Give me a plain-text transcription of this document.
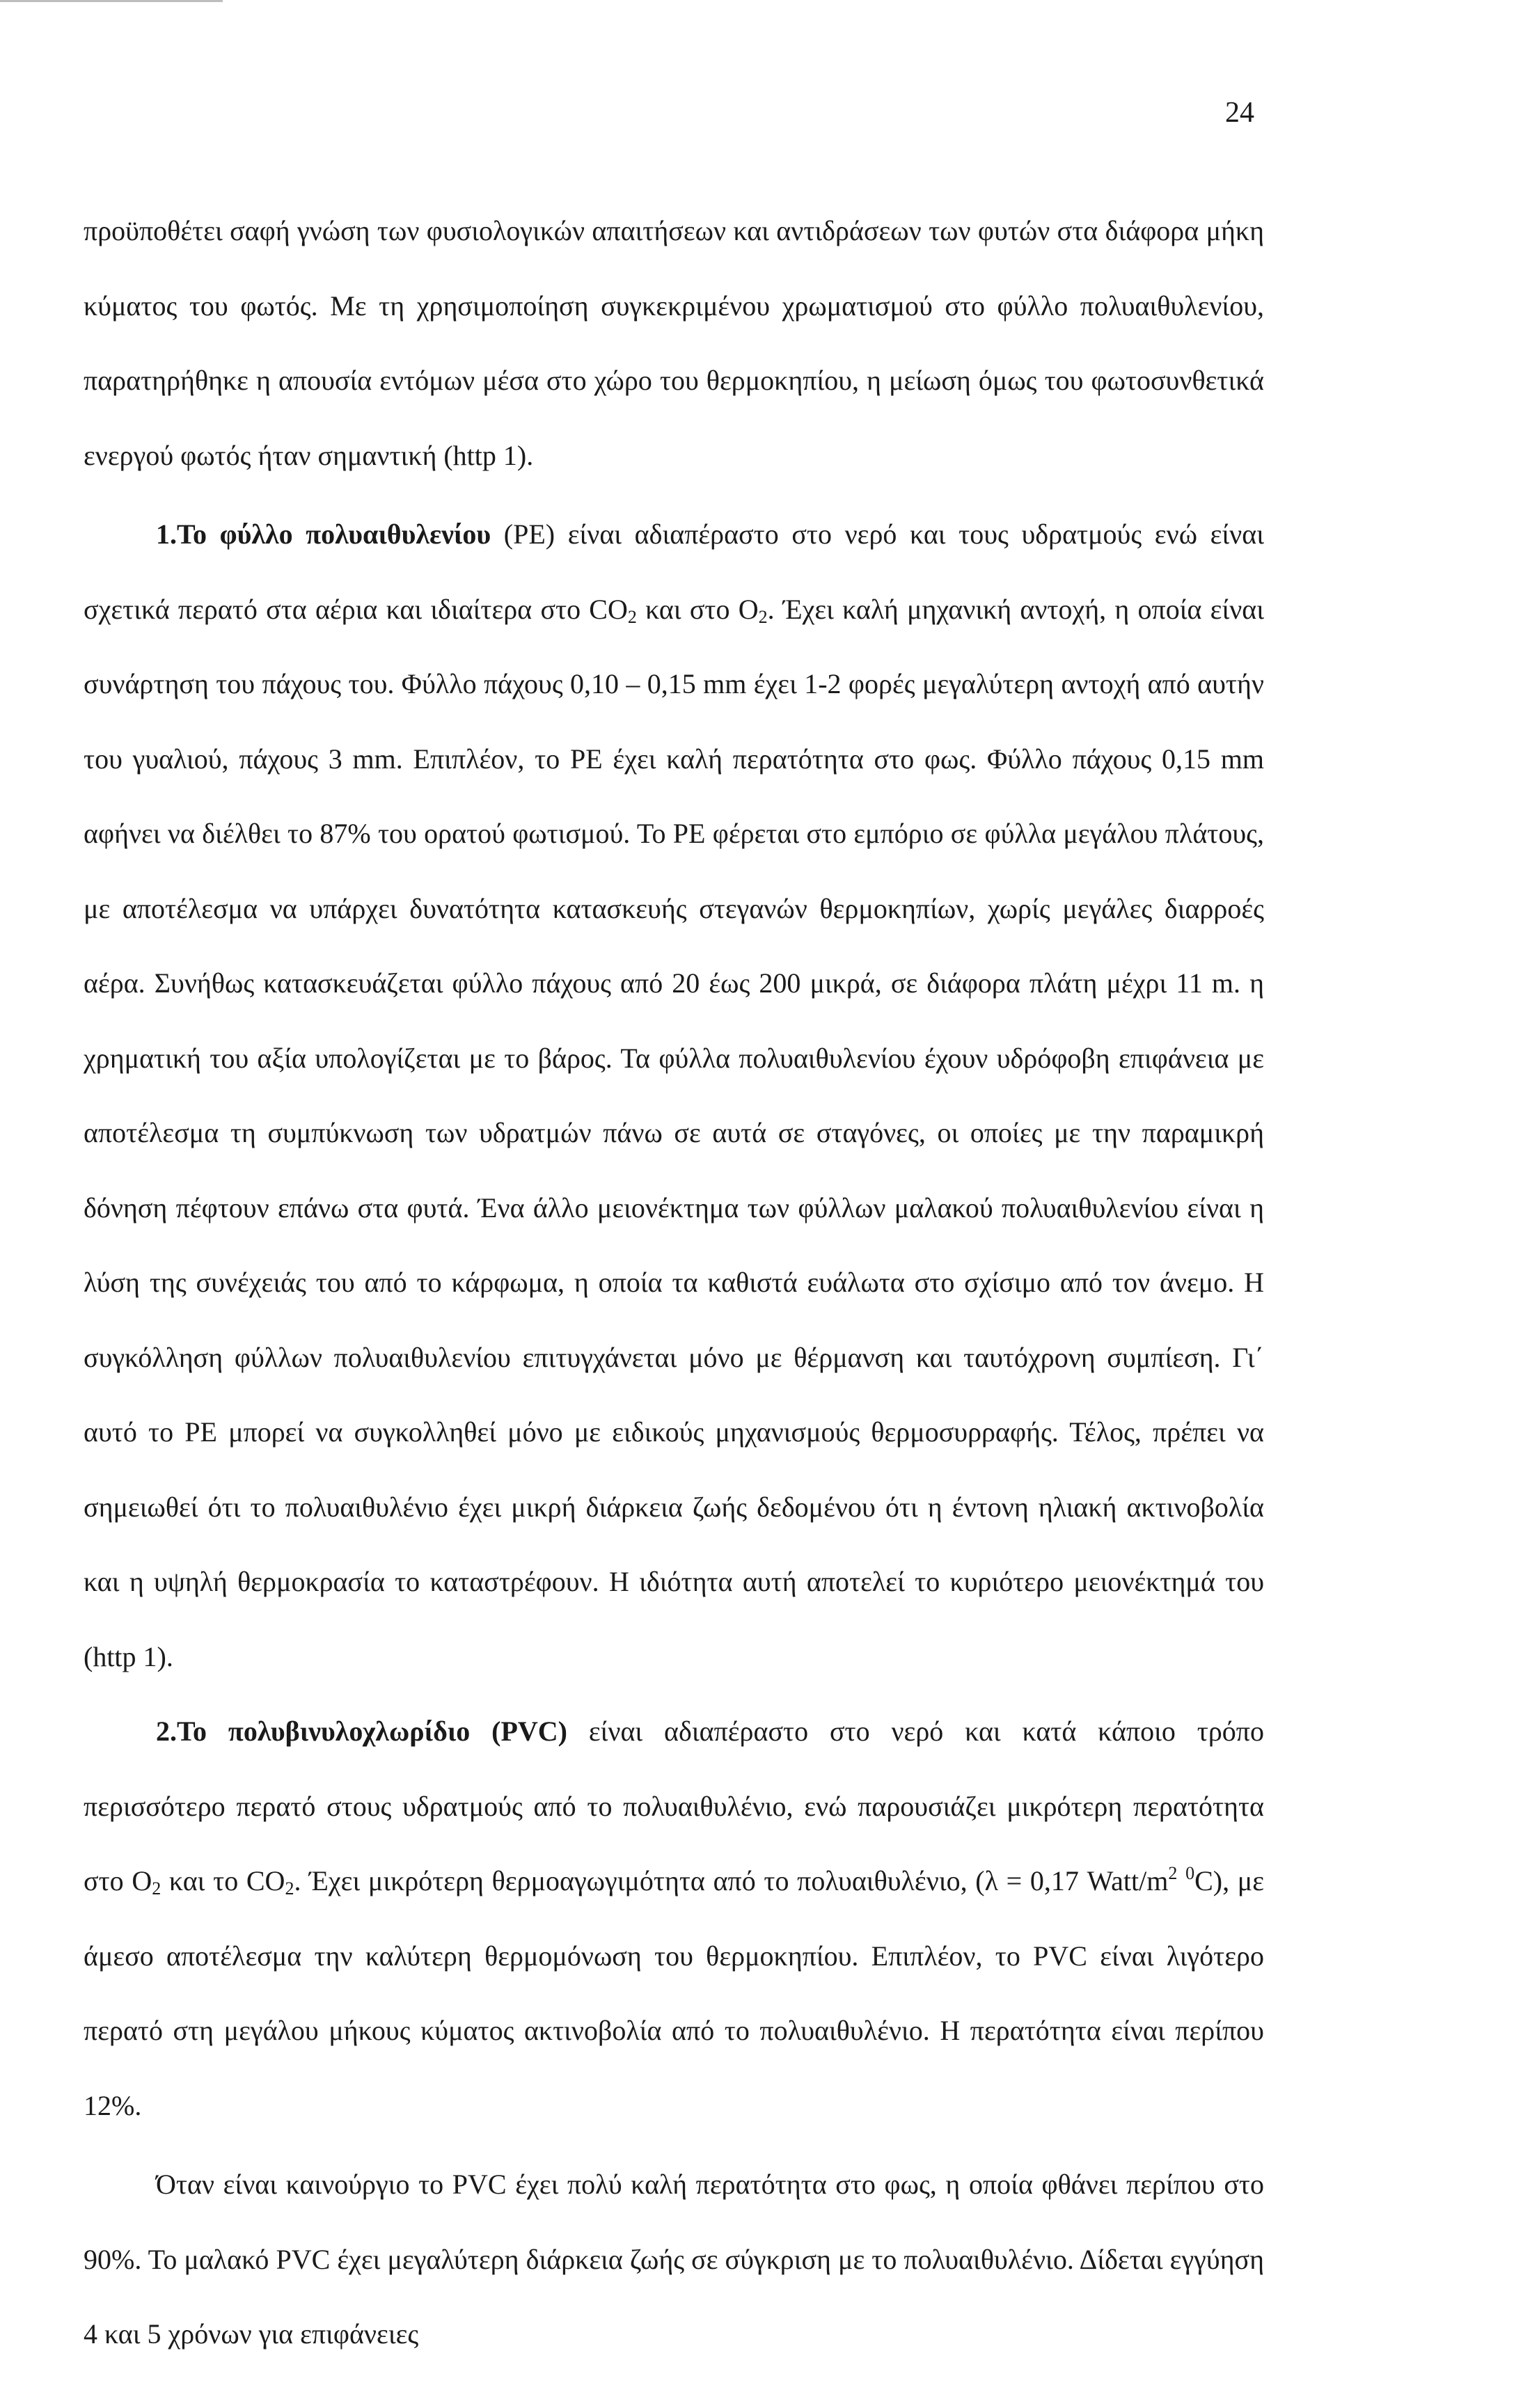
24

προϋποθέτει σαφή γνώση των φυσιολογικών απαιτήσεων και αντιδράσεων των φυτών στα διάφορα μήκη κύματος του φωτός. Με τη χρησιμοποίηση συγκεκριμένου χρωματισμού στο φύλλο πολυαιθυλενίου, παρατηρήθηκε η απουσία εντόμων μέσα στο χώρο του θερμοκηπίου, η μείωση όμως του φωτοσυνθετικά ενεργού φωτός ήταν σημαντική (http 1).

1.Το φύλλο πολυαιθυλενίου (PE) είναι αδιαπέραστο στο νερό και τους υδρατμούς ενώ είναι σχετικά περατό στα αέρια και ιδιαίτερα στο $CO_2$ και στο $O_2$. Έχει καλή μηχανική αντοχή, η οποία είναι συνάρτηση του πάχους του. Φύλλο πάχους 0,10 – 0,15 mm έχει 1-2 φορές μεγαλύτερη αντοχή από αυτήν του γυαλιού, πάχους 3 mm. Επιπλέον, το PE έχει καλή περατότητα στο φως. Φύλλο πάχους 0,15 mm αφήνει να διέλθει το 87% του ορατού φωτισμού. Το PE φέρεται στο εμπόριο σε φύλλα μεγάλου πλάτους, με αποτέλεσμα να υπάρχει δυνατότητα κατασκευής στεγανών θερμοκηπίων, χωρίς μεγάλες διαρροές αέρα. Συνήθως κατασκευάζεται φύλλο πάχους από 20 έως 200 μικρά, σε διάφορα πλάτη μέχρι 11 m. η χρηματική του αξία υπολογίζεται με το βάρος. Τα φύλλα πολυαιθυλενίου έχουν υδρόφοβη επιφάνεια με αποτέλεσμα τη συμπύκνωση των υδρατμών πάνω σε αυτά σε σταγόνες, οι οποίες με την παραμικρή δόνηση πέφτουν επάνω στα φυτά. Ένα άλλο μειονέκτημα των φύλλων μαλακού πολυαιθυλενίου είναι η λύση της συνέχειάς του από το κάρφωμα, η οποία τα καθιστά ευάλωτα στο σχίσιμο από τον άνεμο. Η συγκόλληση φύλλων πολυαιθυλενίου επιτυγχάνεται μόνο με θέρμανση και ταυτόχρονη συμπίεση. Γι΄ αυτό το PE μπορεί να συγκολληθεί μόνο με ειδικούς μηχανισμούς θερμοσυρραφής. Τέλος, πρέπει να σημειωθεί ότι το πολυαιθυλένιο έχει μικρή διάρκεια ζωής δεδομένου ότι η έντονη ηλιακή ακτινοβολία και η υψηλή θερμοκρασία το καταστρέφουν. Η ιδιότητα αυτή αποτελεί το κυριότερο μειονέκτημά του (http 1).

2.Το πολυβινυλοχλωρίδιο (PVC) είναι αδιαπέραστο στο νερό και κατά κάποιο τρόπο περισσότερο περατό στους υδρατμούς από το πολυαιθυλένιο, ενώ παρουσιάζει μικρότερη περατότητα στο $O_2$ και το $CO_2$. Έχει μικρότερη θερμοαγωγιμότητα από το πολυαιθυλένιο, (λ = 0,17 Watt/$m^2$ $^0$C), με άμεσο αποτέλεσμα την καλύτερη θερμομόνωση του θερμοκηπίου. Επιπλέον, το PVC είναι λιγότερο περατό στη μεγάλου μήκους κύματος ακτινοβολία από το πολυαιθυλένιο. Η περατότητα είναι περίπου 12%.

Όταν είναι καινούργιο το PVC έχει πολύ καλή περατότητα στο φως, η οποία φθάνει περίπου στο 90%. Το μαλακό PVC έχει μεγαλύτερη διάρκεια ζωής σε σύγκριση με το πολυαιθυλένιο. Δίδεται εγγύηση 4 και 5 χρόνων για επιφάνειες
